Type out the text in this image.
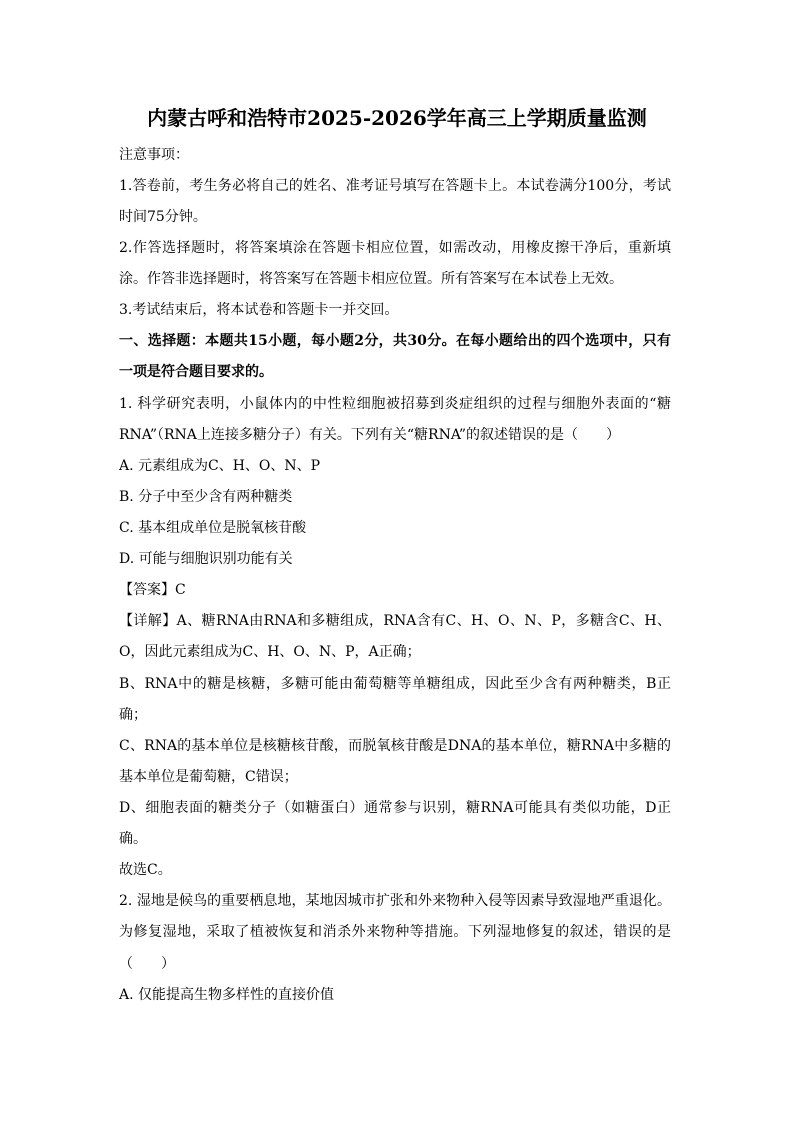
内蒙古呼和浩特市2025-2026学年高三上学期质量监测
注意事项：
1.答卷前，考生务必将自己的姓名、准考证号填写在答题卡上。本试卷满分100分，考试
时间75分钟。
2.作答选择题时，将答案填涂在答题卡相应位置，如需改动，用橡皮擦干净后，重新填
涂。作答非选择题时，将答案写在答题卡相应位置。所有答案写在本试卷上无效。
3.考试结束后，将本试卷和答题卡一并交回。
一、选择题：本题共15小题，每小题2分，共30分。在每小题给出的四个选项中，只有
一项是符合题目要求的。
1. 科学研究表明，小鼠体内的中性粒细胞被招募到炎症组织的过程与细胞外表面的“糖
RNA”（RNA上连接多糖分子）有关。下列有关“糖RNA”的叙述错误的是（　　）
A. 元素组成为C、H、O、N、P
B. 分子中至少含有两种糖类
C. 基本组成单位是脱氧核苷酸
D. 可能与细胞识别功能有关
【答案】C
【详解】A、糖RNA由RNA和多糖组成，RNA含有C、H、O、N、P，多糖含C、H、
O，因此元素组成为C、H、O、N、P，A正确；
B、RNA中的糖是核糖，多糖可能由葡萄糖等单糖组成，因此至少含有两种糖类，B正
确；
C、RNA的基本单位是核糖核苷酸，而脱氧核苷酸是DNA的基本单位，糖RNA中多糖的
基本单位是葡萄糖，C错误；
D、细胞表面的糖类分子（如糖蛋白）通常参与识别，糖RNA可能具有类似功能，D正
确。
故选C。
2. 湿地是候鸟的重要栖息地，某地因城市扩张和外来物种入侵等因素导致湿地严重退化。
为修复湿地，采取了植被恢复和消杀外来物种等措施。下列湿地修复的叙述，错误的是
（　　）
A. 仅能提高生物多样性的直接价值
